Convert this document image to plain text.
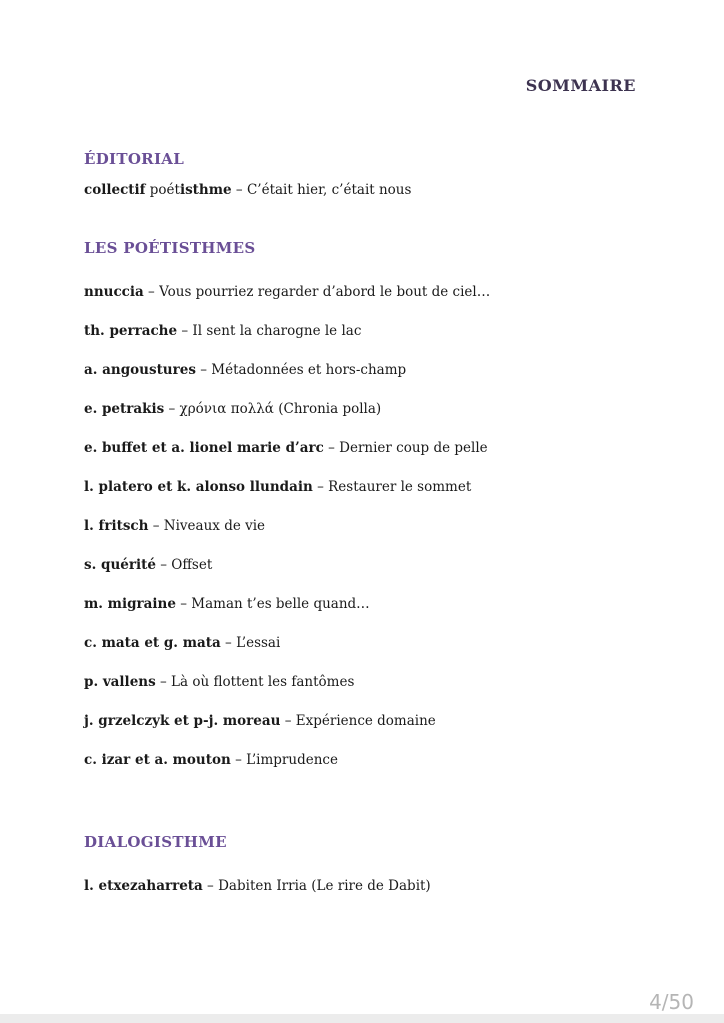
SOMMAIRE
ÉDITORIAL
collectif poétisthme – C’était hier, c’était nous
LES POÉTISTHMES
nnuccia – Vous pourriez regarder d’abord le bout de ciel…
th. perrache – Il sent la charogne le lac
a. angoustures – Métadonnées et hors-champ
e. petrakis – χρόνια πολλά (Chronia polla)
e. buffet et a. lionel marie d’arc – Dernier coup de pelle
l. platero et k. alonso llundain – Restaurer le sommet
l. fritsch – Niveaux de vie
s. quérité – Offset
m. migraine – Maman t’es belle quand…
c. mata et g. mata – L’essai
p. vallens – Là où flottent les fantômes
j. grzelczyk et p-j. moreau – Expérience domaine
c. izar et a. mouton – L’imprudence
DIALOGISTHME
l. etxezaharreta – Dabiten Irria (Le rire de Dabit)
4/50
